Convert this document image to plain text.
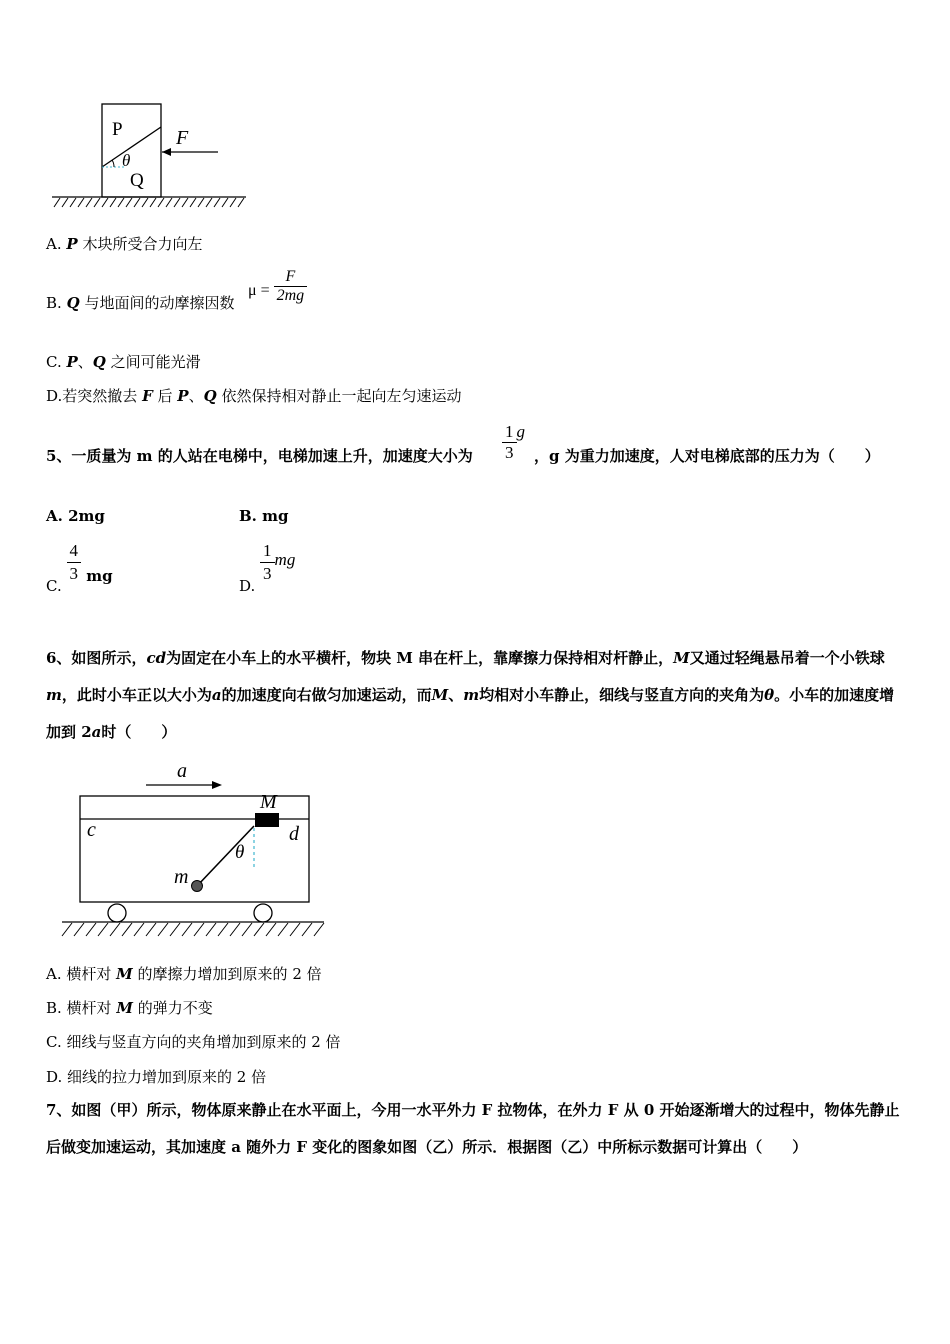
P
Q
F
θ
A. P 木块所受合力向左
B. Q 与地面间的动摩擦因数
$\mu = \frac{F}{2mg}$
C. P、Q 之间可能光滑
D.若突然撤去 F 后 P、Q 依然保持相对静止一起向左匀速运动
5、一质量为 m 的人站在电梯中，电梯加速上升，加速度大小为 $\frac{1}{3}$ g
，g 为重力加速度，人对电梯底部的压力为（　　）
A. 2mg	B. mg
C.
$\frac{4}{3}$ mg
D.
$\frac{1}{3}$ mg
6、如图所示，cd为固定在小车上的水平横杆，物块 M 串在杆上，靠摩擦力保持相对杆静止，M又通过轻绳悬吊着一个小铁球m，此时小车正以大小为a的加速度向右做匀加速运动，而M、m均相对小车静止，细线与竖直方向的夹角为θ。小车的加速度增加到 2a时（　　）
a
M
c	d
θ
m
A. 横杆对 M 的摩擦力增加到原来的 2 倍
B. 横杆对 M 的弹力不变
C. 细线与竖直方向的夹角增加到原来的 2 倍
D. 细线的拉力增加到原来的 2 倍
7、如图（甲）所示，物体原来静止在水平面上，今用一水平外力 F 拉物体，在外力 F 从 0 开始逐渐增大的过程中，物体先静止后做变加速运动，其加速度 a 随外力 F 变化的图象如图（乙）所示．根据图（乙）中所标示数据可计算出（　　）
